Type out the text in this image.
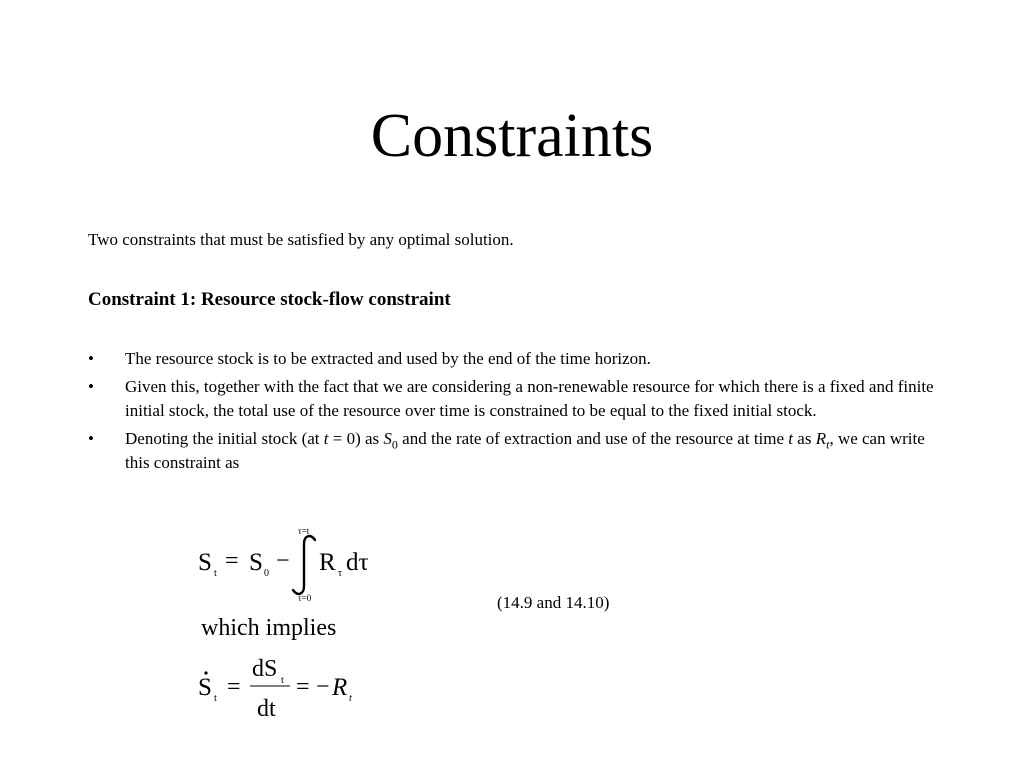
Constraints
Two constraints that must be satisfied by any optimal solution.
Constraint 1: Resource stock-flow constraint
• The resource stock is to be extracted and used by the end of the time horizon.
• Given this, together with the fact that we are considering a non-renewable resource for which there is a fixed and finite initial stock, the total use of the resource over time is constrained to be equal to the fixed initial stock.
• Denoting the initial stock (at t = 0) as $S_0$ and the rate of extraction and use of the resource at time t as $R_t$, we can write this constraint as
S t = S 0 −
τ=t
τ=0
R τ dτ
(14.9 and 14.10)
which implies
S t =
dS t
dt
= − R t
